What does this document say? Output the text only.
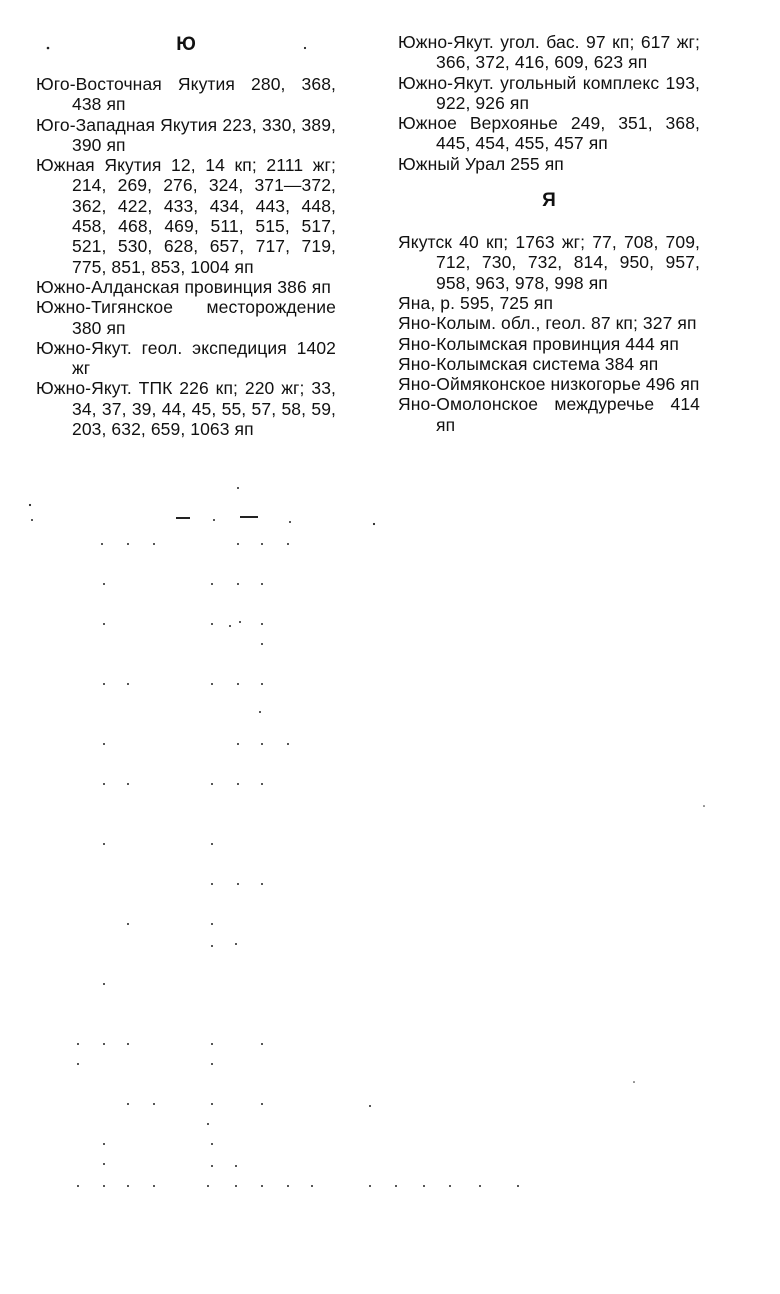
Ю

Юго-Восточная Якутия 280, 368, 438 яп

Юго-Западная Якутия 223, 330, 389, 390 яп

Южная Якутия 12, 14 кп; 2111 жг; 214, 269, 276, 324, 371—372, 362, 422, 433, 434, 443, 448, 458, 468, 469, 511, 515, 517, 521, 530, 628, 657, 717, 719, 775, 851, 853, 1004 яп

Южно-Алданская провинция 386 яп

Южно-Тигянское месторождение 380 яп

Южно-Якут. геол. экспедиция 1402 жг

Южно-Якут. ТПК 226 кп; 220 жг; 33, 34, 37, 39, 44, 45, 55, 57, 58, 59, 203, 632, 659, 1063 яп

Южно-Якут. угол. бас. 97 кп; 617 жг; 366, 372, 416, 609, 623 яп

Южно-Якут. угольный комплекс 193, 922, 926 яп

Южное Верхоянье 249, 351, 368, 445, 454, 455, 457 яп

Южный Урал 255 яп

Я

Якутск 40 кп; 1763 жг; 77, 708, 709, 712, 730, 732, 814, 950, 957, 958, 963, 978, 998 яп

Яна, р. 595, 725 яп

Яно-Колым. обл., геол. 87 кп; 327 яп

Яно-Колымская провинция 444 яп

Яно-Колымская система 384 яп

Яно-Оймяконское низкогорье 496 яп

Яно-Омолонское междуречье 414 яп
